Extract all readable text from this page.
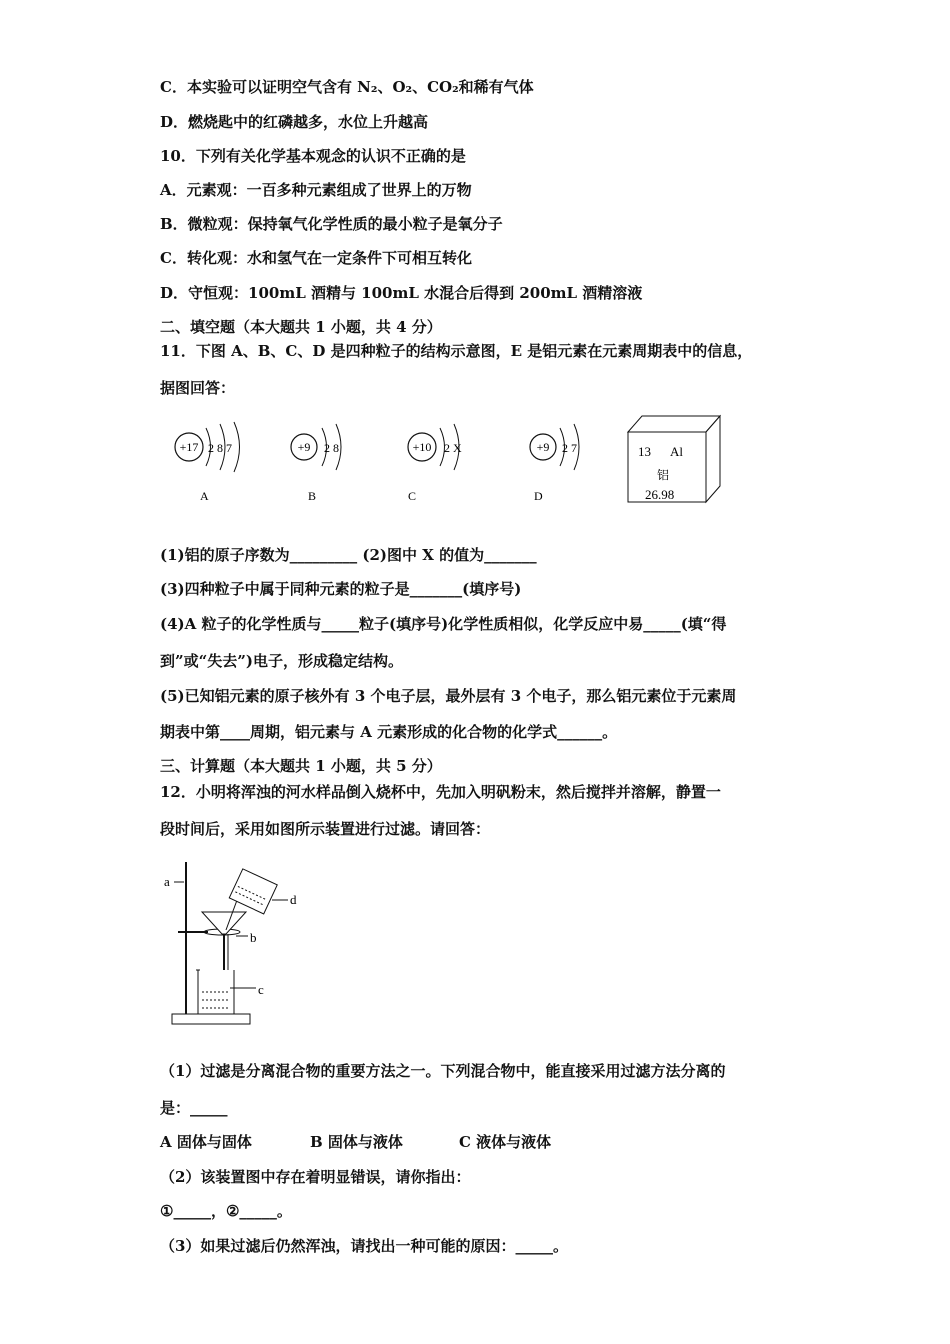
C．本实验可以证明空气含有 N₂、O₂、CO₂和稀有气体
D．燃烧匙中的红磷越多，水位上升越高
10．下列有关化学基本观念的认识不正确的是
A．元素观：一百多种元素组成了世界上的万物
B．微粒观：保持氧气化学性质的最小粒子是氧分子
C．转化观：水和氢气在一定条件下可相互转化
D．守恒观：100mL 酒精与 100mL 水混合后得到 200mL 酒精溶液
二、填空题（本大题共 1 小题，共 4 分）
11．下图 A、B、C、D 是四种粒子的结构示意图，E 是铝元素在元素周期表中的信息，
据图回答：
+17 2 8 7
A
+9 2 8
B
+10 2 X
C
+9 2 7
D
13 Al
铝
26.98
(1)铝的原子序数为_________ (2)图中 X 的值为_______
(3)四种粒子中属于同种元素的粒子是_______(填序号)
(4)A 粒子的化学性质与_____粒子(填序号)化学性质相似，化学反应中易_____(填“得
到”或“失去”)电子，形成稳定结构。
(5)已知铝元素的原子核外有 3 个电子层，最外层有 3 个电子，那么铝元素位于元素周
期表中第____周期，铝元素与 A 元素形成的化合物的化学式______。
三、计算题（本大题共 1 小题，共 5 分）
12．小明将浑浊的河水样品倒入烧杯中，先加入明矾粉末，然后搅拌并溶解，静置一
段时间后，采用如图所示装置进行过滤。请回答：
a
b
d
c
（1）过滤是分离混合物的重要方法之一。下列混合物中，能直接采用过滤方法分离的
是：_____
A 固体与固体	B 固体与液体	C 液体与液体
（2）该装置图中存在着明显错误，请你指出：
①_____，②_____。
（3）如果过滤后仍然浑浊，请找出一种可能的原因：_____。
